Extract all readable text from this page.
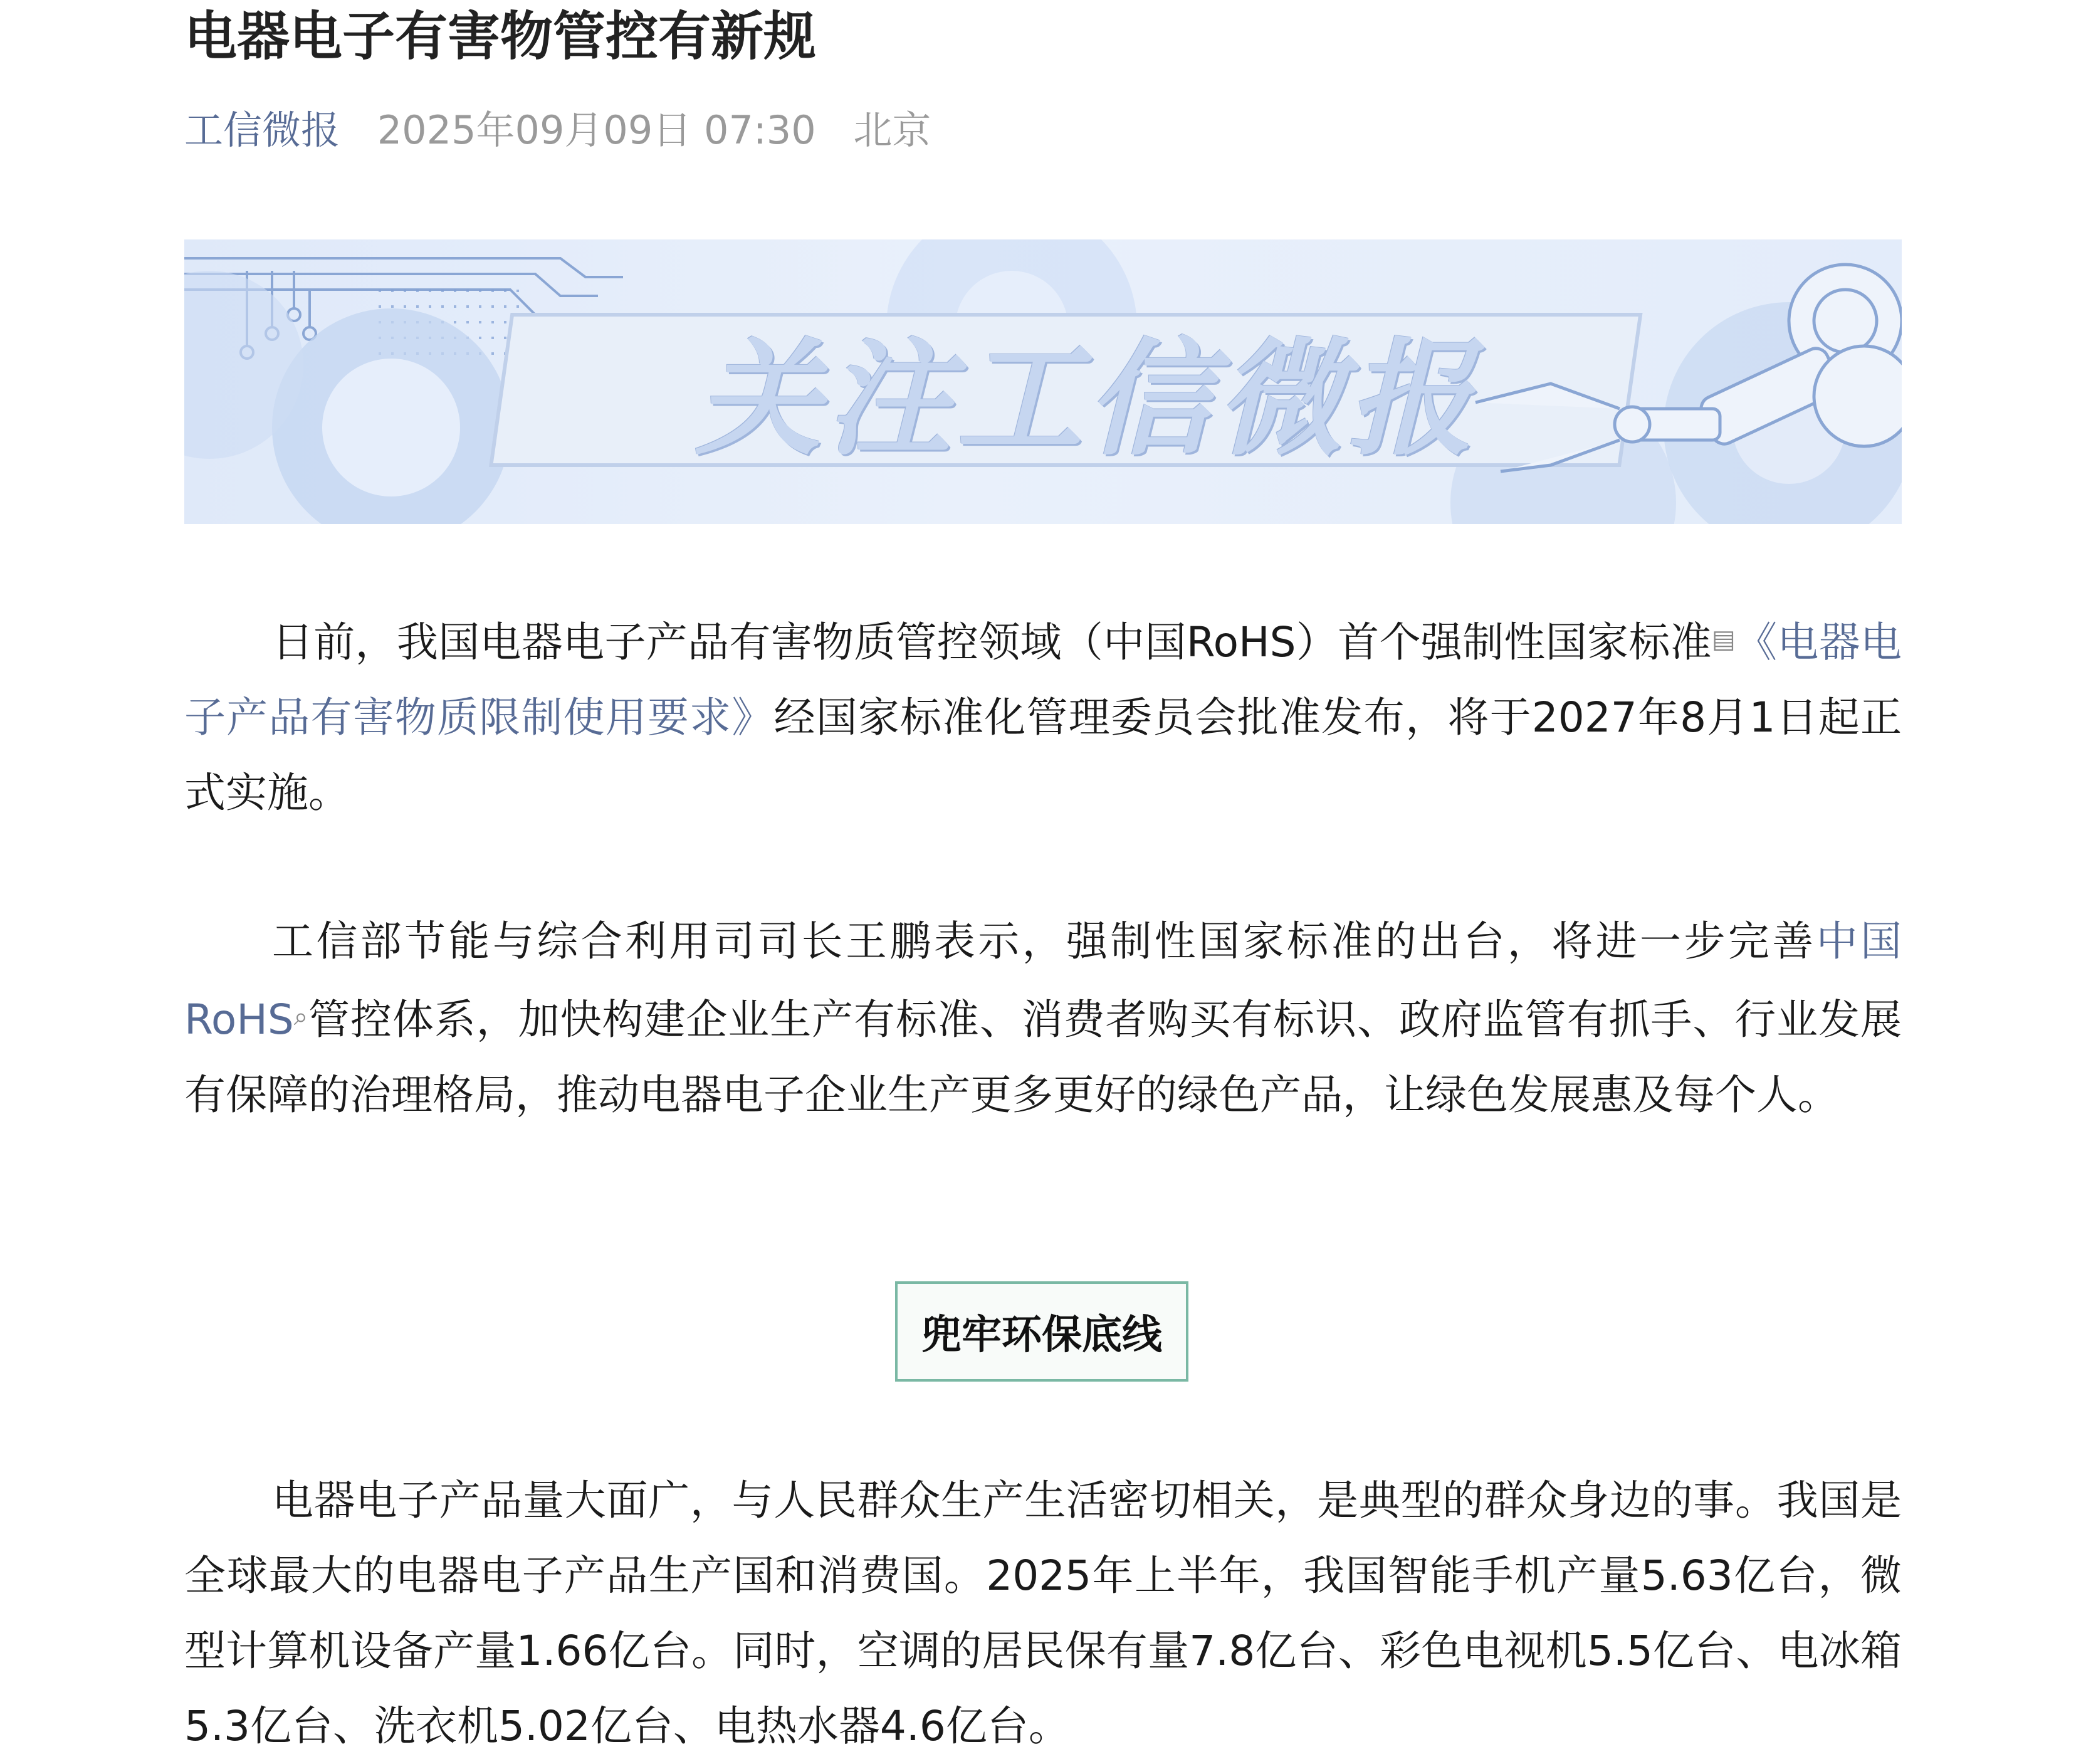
电器电子有害物管控有新规
工信微报 2025年09月09日 07:30 北京
关注工信微报
日前，我国电器电子产品有害物质管控领域（中国RoHS）首个强制性国家标准▤《电器电子产品有害物质限制使用要求》经国家标准化管理委员会批准发布，将于2027年8月1日起正式实施。
工信部节能与综合利用司司长王鹏表示，强制性国家标准的出台，将进一步完善中国RoHS⌕管控体系，加快构建企业生产有标准、消费者购买有标识、政府监管有抓手、行业发展有保障的治理格局，推动电器电子企业生产更多更好的绿色产品，让绿色发展惠及每个人。
兜牢环保底线
电器电子产品量大面广，与人民群众生产生活密切相关，是典型的群众身边的事。我国是全球最大的电器电子产品生产国和消费国。2025年上半年，我国智能手机产量5.63亿台，微型计算机设备产量1.66亿台。同时，空调的居民保有量7.8亿台、彩色电视机5.5亿台、电冰箱5.3亿台、洗衣机5.02亿台、电热水器4.6亿台。
